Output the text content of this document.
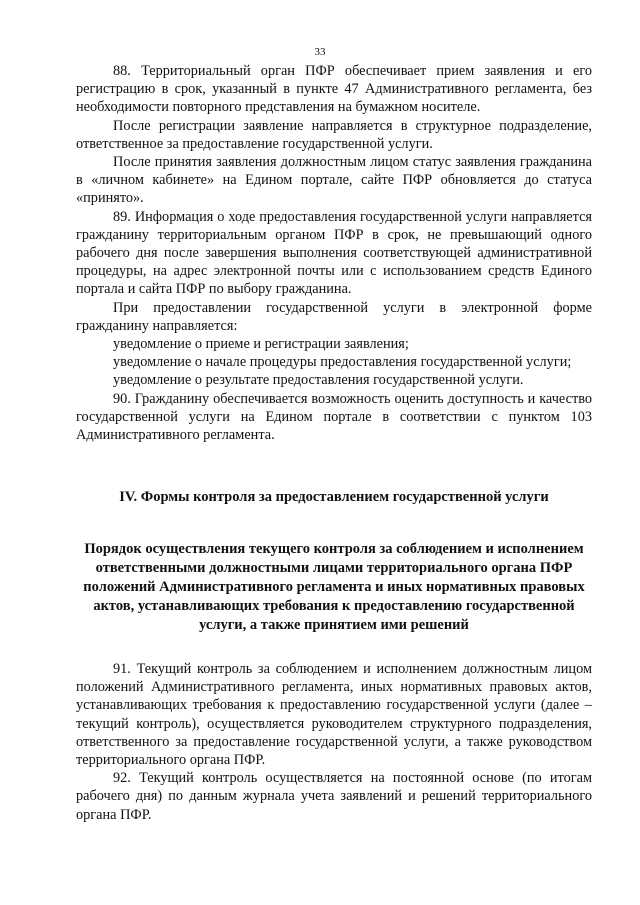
33

88. Территориальный орган ПФР обеспечивает прием заявления и его регистрацию в срок, указанный в пункте 47 Административного регламента, без необходимости повторного представления на бумажном носителе.

После регистрации заявление направляется в структурное подразделение, ответственное за предоставление государственной услуги.

После принятия заявления должностным лицом статус заявления гражданина в «личном кабинете» на Едином портале, сайте ПФР обновляется до статуса «принято».

89. Информация о ходе предоставления государственной услуги направляется гражданину территориальным органом ПФР в срок, не превышающий одного рабочего дня после завершения выполнения соответствующей административной процедуры, на адрес электронной почты или с использованием средств Единого портала и сайта ПФР по выбору гражданина.

При предоставлении государственной услуги в электронной форме гражданину направляется:

уведомление о приеме и регистрации заявления;

уведомление о начале процедуры предоставления государственной услуги;

уведомление о результате предоставления государственной услуги.

90. Гражданину обеспечивается возможность оценить доступность и качество государственной услуги на Едином портале в соответствии с пунктом 103 Административного регламента.

IV. Формы контроля за предоставлением государственной услуги
Порядок осуществления текущего контроля за соблюдением и исполнением ответственными должностными лицами территориального органа ПФР положений Административного регламента и иных нормативных правовых актов, устанавливающих требования к предоставлению государственной услуги, а также принятием ими решений

91. Текущий контроль за соблюдением и исполнением должностным лицом положений Административного регламента, иных нормативных правовых актов, устанавливающих требования к предоставлению государственной услуги (далее – текущий контроль), осуществляется руководителем структурного подразделения, ответственного за предоставление государственной услуги, а также руководством территориального органа ПФР.

92. Текущий контроль осуществляется на постоянной основе (по итогам рабочего дня) по данным журнала учета заявлений и решений территориального органа ПФР.
